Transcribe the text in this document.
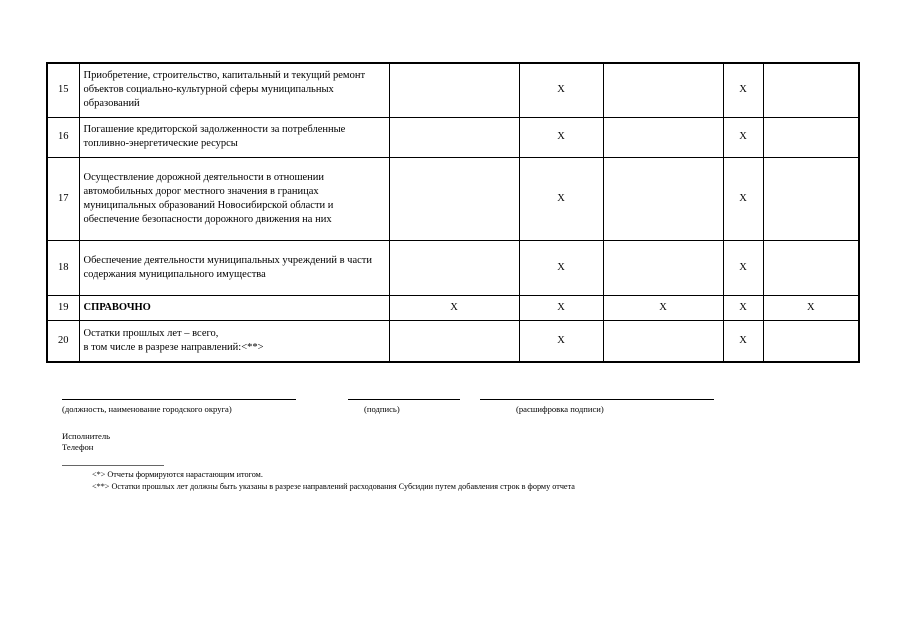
15	Приобретение, строительство, капитальный и текущий ремонт объектов социально-культурной сферы муниципальных образований		X		X	
16	Погашение кредиторской задолженности за потребленные топливно-энергетические ресурсы		X		X	
17	Осуществление дорожной деятельности в отношении автомобильных дорог местного значения в границах муниципальных образований Новосибирской области и обеспечение безопасности дорожного движения на них		X		X	
18	Обеспечение деятельности муниципальных учреждений в части содержания муниципального имущества		X		X	
19	СПРАВОЧНО	X	X	X	X	X
20	Остатки прошлых лет – всего,
в том числе в разрезе направлений:<**>		X		X	
(должность, наименование городского округа)	(подпись)	(расшифровка подписи)
Исполнитель
Телефон
<*> Отчеты формируются нарастающим итогом.
<**> Остатки прошлых лет должны быть указаны в разрезе направлений расходования Субсидии путем добавления строк в форму отчета
